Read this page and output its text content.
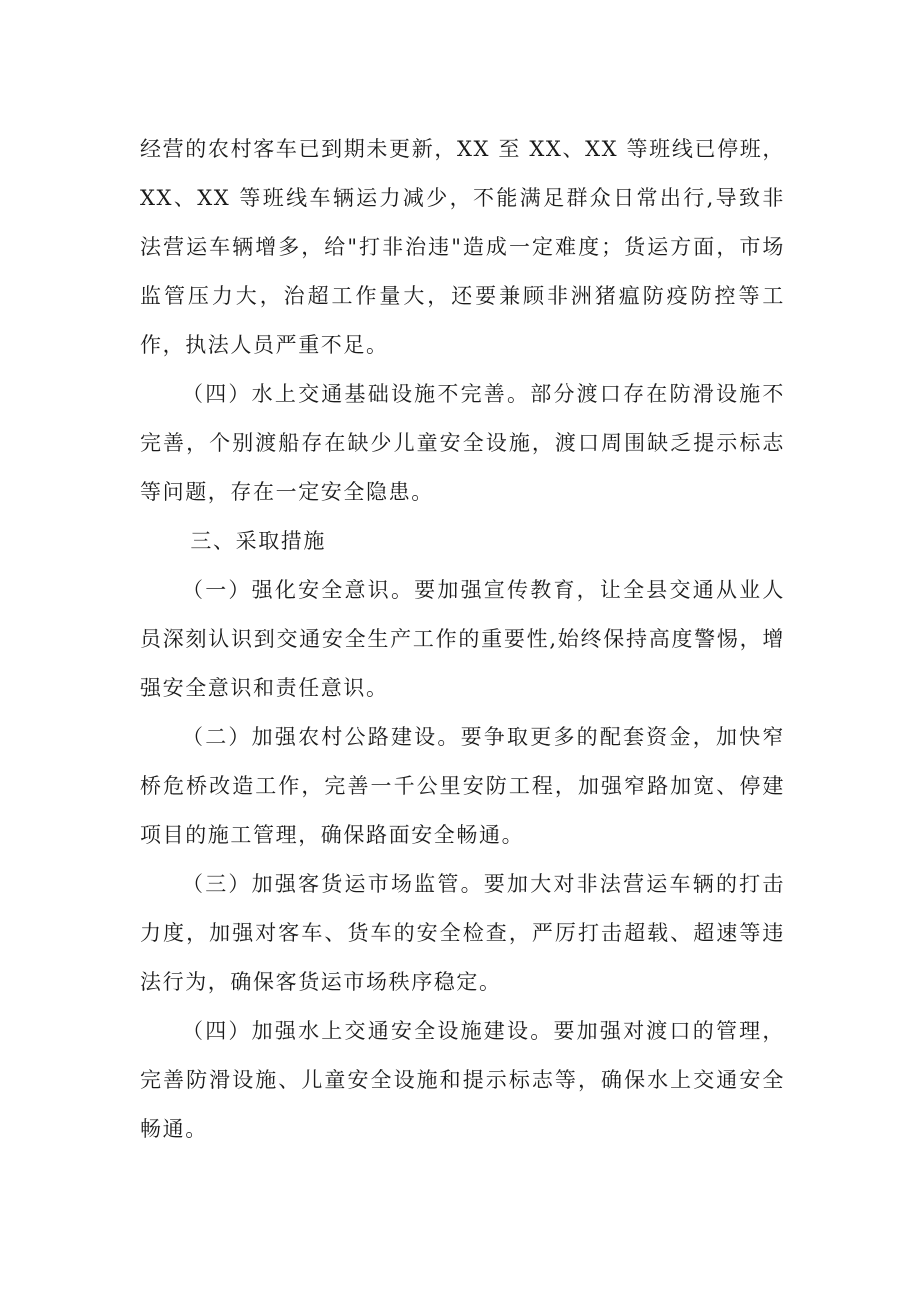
经营的农村客车已到期未更新，XX 至 XX、XX 等班线已停班，XX、XX 等班线车辆运力减少，不能满足群众日常出行,导致非法营运车辆增多，给"打非治违"造成一定难度；货运方面，市场监管压力大，治超工作量大，还要兼顾非洲猪瘟防疫防控等工作，执法人员严重不足。

（四）水上交通基础设施不完善。部分渡口存在防滑设施不完善，个别渡船存在缺少儿童安全设施，渡口周围缺乏提示标志等问题，存在一定安全隐患。

三、采取措施

（一）强化安全意识。要加强宣传教育，让全县交通从业人员深刻认识到交通安全生产工作的重要性,始终保持高度警惕，增强安全意识和责任意识。

（二）加强农村公路建设。要争取更多的配套资金，加快窄桥危桥改造工作，完善一千公里安防工程，加强窄路加宽、停建项目的施工管理，确保路面安全畅通。

（三）加强客货运市场监管。要加大对非法营运车辆的打击力度，加强对客车、货车的安全检查，严厉打击超载、超速等违法行为，确保客货运市场秩序稳定。

（四）加强水上交通安全设施建设。要加强对渡口的管理，完善防滑设施、儿童安全设施和提示标志等，确保水上交通安全畅通。
